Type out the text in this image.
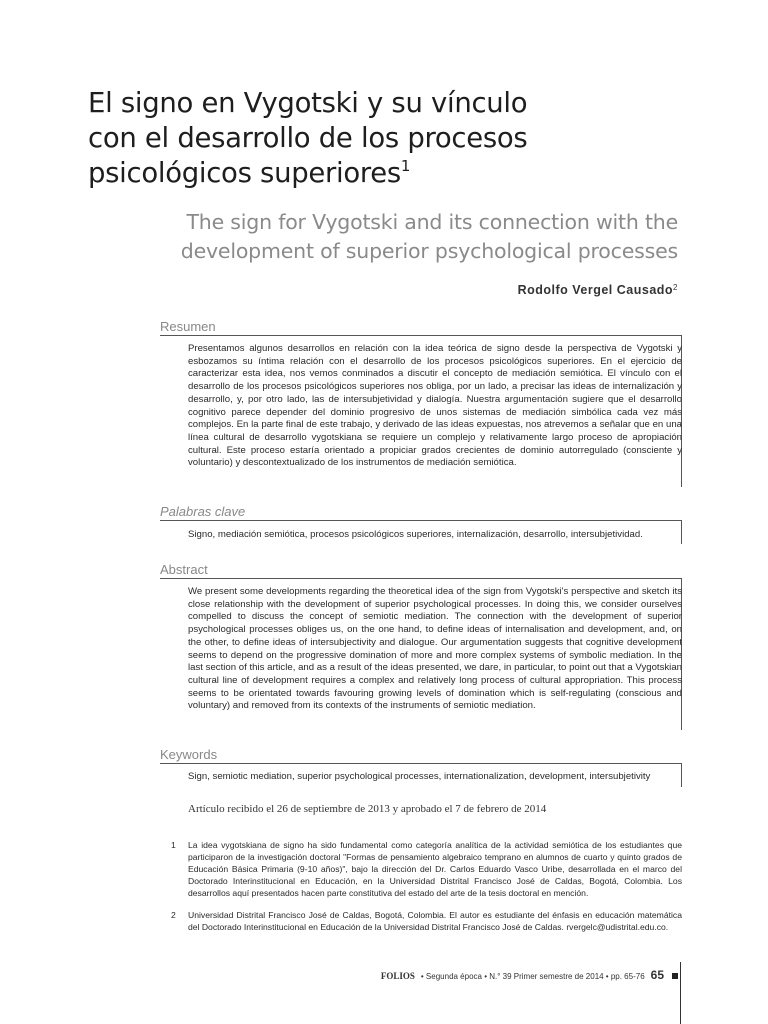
El signo en Vygotski y su vínculo
con el desarrollo de los procesos
psicológicos superiores$^1$
The sign for Vygotski and its connection with the
development of superior psychological processes
Rodolfo Vergel Causado$^2$
Resumen

Presentamos algunos desarrollos en relación con la idea teórica de signo desde la perspectiva de Vygotski y esbozamos su íntima relación con el desarrollo de los procesos psicológicos superiores. En el ejercicio de caracterizar esta idea, nos vemos conminados a discutir el concepto de mediación semiótica. El vínculo con el desarrollo de los procesos psicológicos superiores nos obliga, por un lado, a precisar las ideas de internalización y desarrollo, y, por otro lado, las de intersubjetividad y dialogía. Nuestra argumentación sugiere que el desarrollo cognitivo parece depender del dominio progresivo de unos sistemas de mediación simbólica cada vez más complejos. En la parte final de este trabajo, y derivado de las ideas expuestas, nos atrevemos a señalar que en una línea cultural de desarrollo vygotskiana se requiere un complejo y relativamente largo proceso de apropiación cultural. Este proceso estaría orientado a propiciar grados crecientes de dominio autorregulado (consciente y voluntario) y descontextualizado de los instrumentos de mediación semiótica.

Palabras clave

Signo, mediación semiótica, procesos psicológicos superiores, internalización, desarrollo, intersubjetividad.

Abstract

We present some developments regarding the theoretical idea of the sign from Vygotski's perspective and sketch its close relationship with the development of superior psychological processes. In doing this, we consider ourselves compelled to discuss the concept of semiotic mediation. The connection with the development of superior psychological processes obliges us, on the one hand, to define ideas of internalisation and development, and, on the other, to define ideas of intersubjectivity and dialogue. Our argumentation suggests that cognitive development seems to depend on the progressive domination of more and more complex systems of symbolic mediation. In the last section of this article, and as a result of the ideas presented, we dare, in particular, to point out that a Vygotskian cultural line of development requires a complex and relatively long process of cultural appropriation. This process seems to be orientated towards favouring growing levels of domination which is self-regulating (conscious and voluntary) and removed from its contexts of the instruments of semiotic mediation.

Keywords

Sign, semiotic mediation, superior psychological processes, internationalization, development, intersubjetivity

Artículo recibido el 26 de septiembre de 2013 y aprobado el 7 de febrero de 2014
1 La idea vygotskiana de signo ha sido fundamental como categoría analítica de la actividad semiótica de los estudiantes que participaron de la investigación doctoral "Formas de pensamiento algebraico temprano en alumnos de cuarto y quinto grados de Educación Básica Primaria (9-10 años)", bajo la dirección del Dr. Carlos Eduardo Vasco Uribe, desarrollada en el marco del Doctorado Interinstitucional en Educación, en la Universidad Distrital Francisco José de Caldas, Bogotá, Colombia. Los desarrollos aquí presentados hacen parte constitutiva del estado del arte de la tesis doctoral en mención.
2 Universidad Distrital Francisco José de Caldas, Bogotá, Colombia. El autor es estudiante del énfasis en educación matemática del Doctorado Interinstitucional en Educación de la Universidad Distrital Francisco José de Caldas. rvergelc@udistrital.edu.co.
FOLIOS • Segunda época • N.° 39 Primer semestre de 2014 • pp. 65-76 65
